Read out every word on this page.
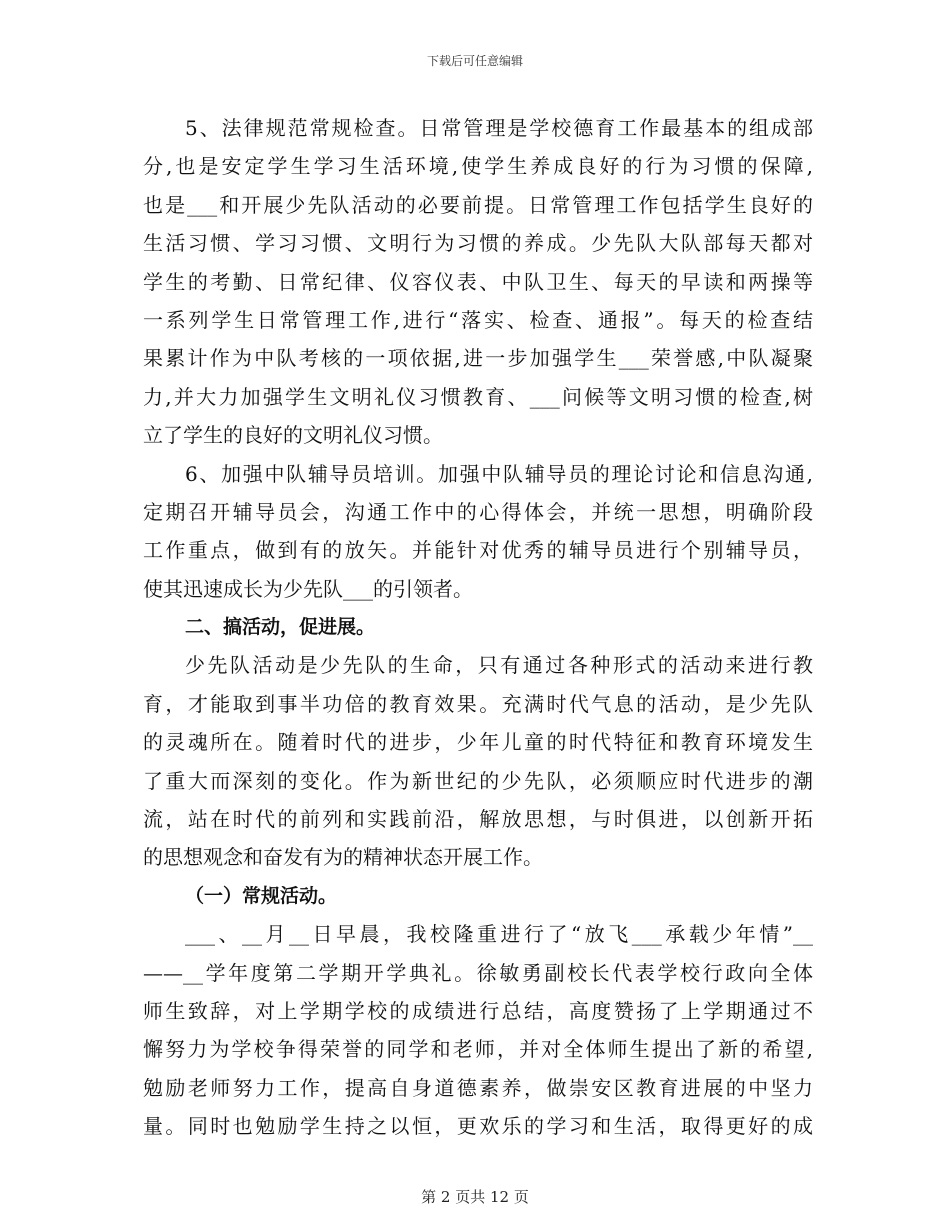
下载后可任意编辑
5、法律规范常规检查。日常管理是学校德育工作最基本的组成部
分,也是安定学生学习生活环境,使学生养成良好的行为习惯的保障,
也是___和开展少先队活动的必要前提。日常管理工作包括学生良好的
生活习惯、学习习惯、文明行为习惯的养成。少先队大队部每天都对
学生的考勤、日常纪律、仪容仪表、中队卫生、每天的早读和两操等
一系列学生日常管理工作,进行“落实、检查、通报”。每天的检查结
果累计作为中队考核的一项依据,进一步加强学生___荣誉感,中队凝聚
力,并大力加强学生文明礼仪习惯教育、___问候等文明习惯的检查,树
立了学生的良好的文明礼仪习惯。
6、加强中队辅导员培训。加强中队辅导员的理论讨论和信息沟通,
定期召开辅导员会，沟通工作中的心得体会，并统一思想，明确阶段
工作重点，做到有的放矢。并能针对优秀的辅导员进行个别辅导员，
使其迅速成长为少先队___的引领者。
二、搞活动，促进展。
少先队活动是少先队的生命，只有通过各种形式的活动来进行教
育，才能取到事半功倍的教育效果。充满时代气息的活动，是少先队
的灵魂所在。随着时代的进步，少年儿童的时代特征和教育环境发生
了重大而深刻的变化。作为新世纪的少先队，必须顺应时代进步的潮
流，站在时代的前列和实践前沿，解放思想，与时俱进，以创新开拓
的思想观念和奋发有为的精神状态开展工作。
（一）常规活动。
___、__月__日早晨，我校隆重进行了“放飞___承载少年情”__
——__学年度第二学期开学典礼。徐敏勇副校长代表学校行政向全体
师生致辞，对上学期学校的成绩进行总结，高度赞扬了上学期通过不
懈努力为学校争得荣誉的同学和老师，并对全体师生提出了新的希望,
勉励老师努力工作，提高自身道德素养，做崇安区教育进展的中坚力
量。同时也勉励学生持之以恒，更欢乐的学习和生活，取得更好的成
第 2 页共 12 页
